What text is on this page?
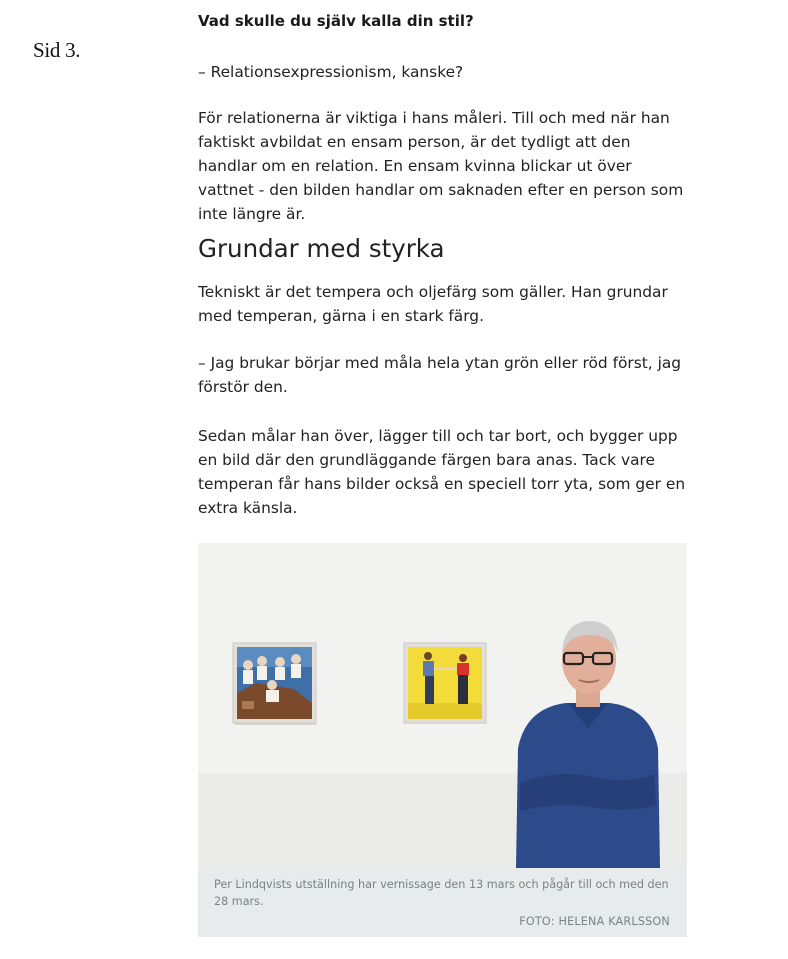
Sid 3.

Vad skulle du själv kalla din stil?

– Relationsexpressionism, kanske?

För relationerna är viktiga i hans måleri. Till och med när han faktiskt avbildat en ensam person, är det tydligt att den handlar om en relation. En ensam kvinna blickar ut över vattnet - den bilden handlar om saknaden efter en person som inte längre är.

Grundar med styrka

Tekniskt är det tempera och oljefärg som gäller. Han grundar med temperan, gärna i en stark färg.

– Jag brukar börjar med måla hela ytan grön eller röd först, jag förstör den.

Sedan målar han över, lägger till och tar bort, och bygger upp en bild där den grundläggande färgen bara anas. Tack vare temperan får hans bilder också en speciell torr yta, som ger en extra känsla.

Per Lindqvists utställning har vernissage den 13 mars och pågår till och med den 28 mars.

FOTO: HELENA KARLSSON
